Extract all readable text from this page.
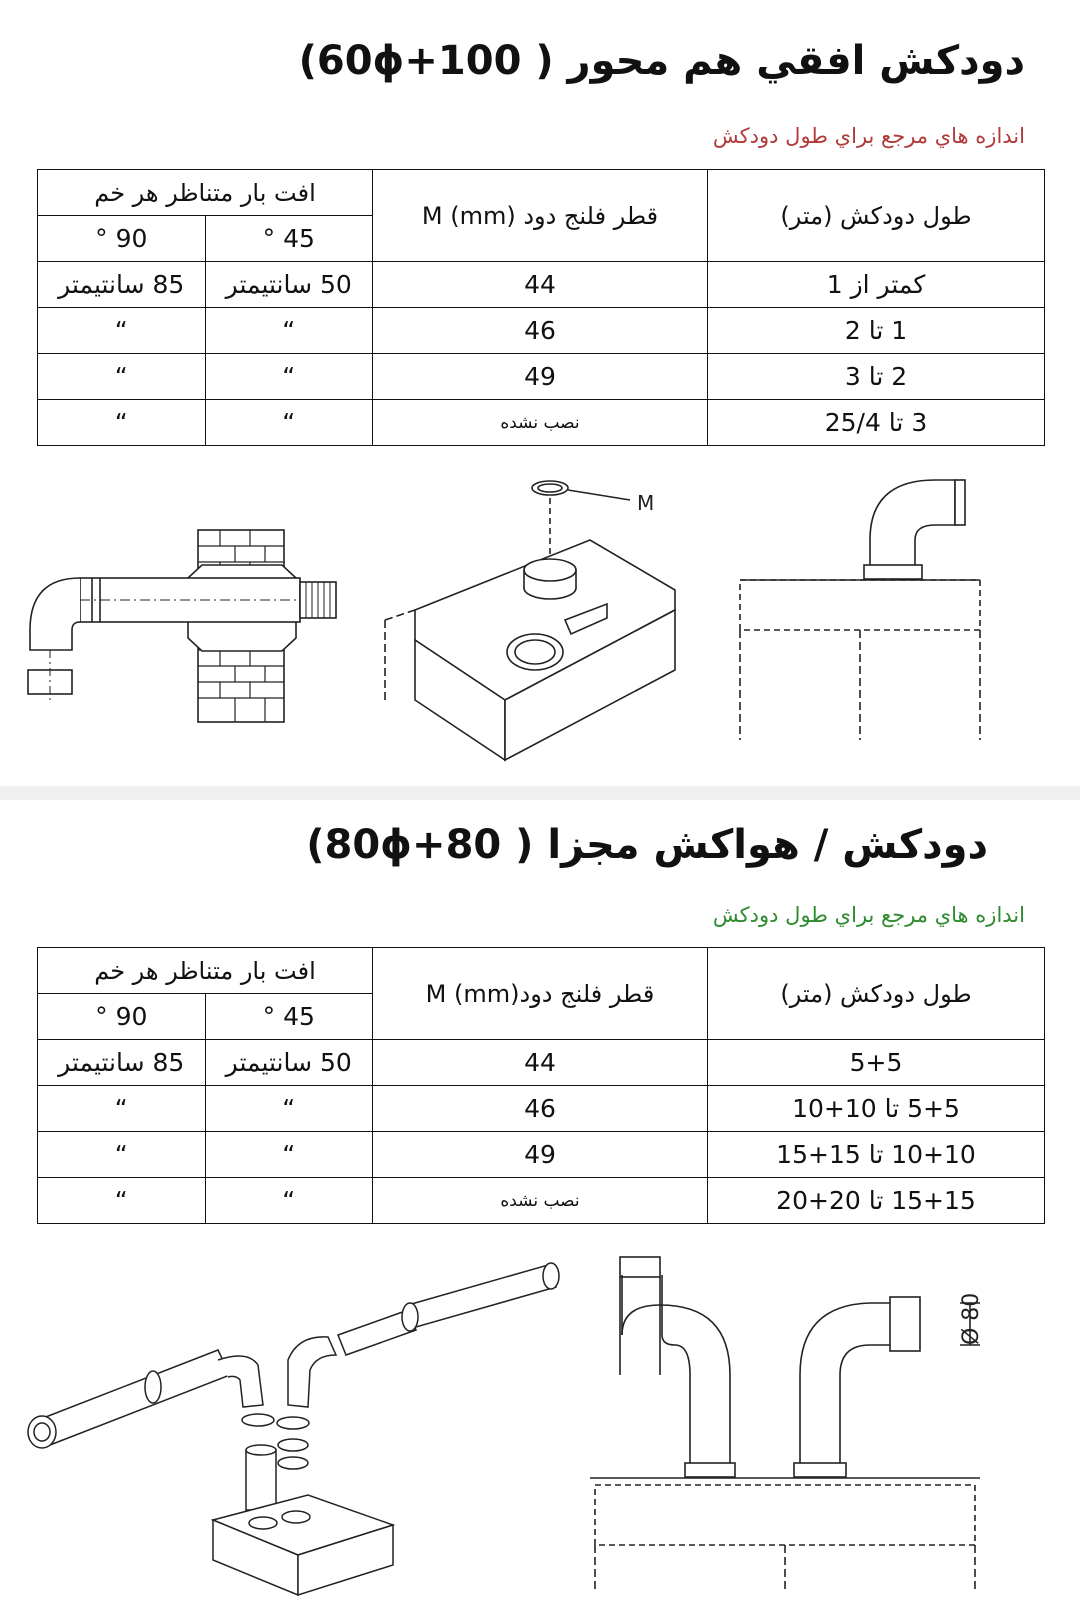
دودکش افقي هم محور ( 100+60ϕ)
اندازه هاي مرجع براي طول دودکش
طول دودکش (متر)	قطر فلنج دود (mm) M	افت بار متناظر هر خم	
		45 °	90 °
کمتر از 1	44	50 سانتيمتر	85 سانتيمتر
1 تا 2	46	“	“
2 تا 3	49	“	“
3 تا 25/4	نصب نشده	“	“
M
دودکش / هواکش مجزا ( 80+80ϕ)
اندازه هاي مرجع براي طول دودکش
طول دودکش (متر)	قطر فلنج دود(mm) M	افت بار متناظر هر خم	
		45 °	90 °
5+5	44	50 سانتيمتر	85 سانتيمتر
5+5 تا 10+10	46	“	“
10+10 تا 15+15	49	“	“
15+15 تا 20+20	نصب نشده	“	“
Ø 80
